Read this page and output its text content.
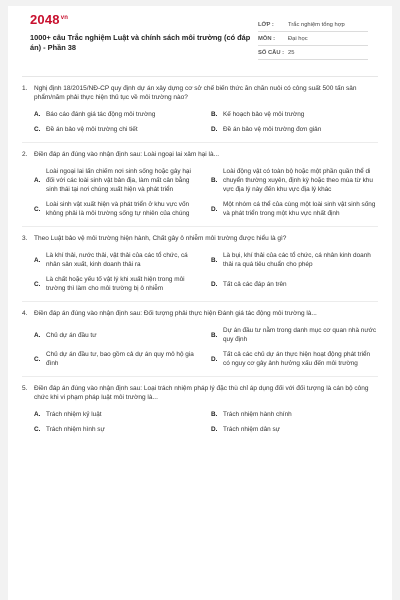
$2048^{vn}$
1000+ câu Trắc nghiệm Luật và chính sách môi trường (có đáp án) - Phần 38
LỚP :	Trắc nghiệm tổng hợp
MÔN :	Đại học
SỐ CÂU : 25
1.	Nghị định 18/2015/NĐ-CP quy định dự án xây dựng cơ sở chế biến thức ăn chăn nuôi có công suất 500 tấn sản phẩm/năm phải thực hiện thủ tục về môi trường nào?
A. Báo cáo đánh giá tác động môi trường	B. Kế hoạch bảo vệ môi trường
C. Đề án bảo vệ môi trường chi tiết	D. Đề án bảo vệ môi trường đơn giản
2.	Điền đáp án đúng vào nhận định sau: Loài ngoại lai xâm hại là...
A.
Loài ngoại lai lấn chiếm nơi sinh sống hoặc gây hại đối với các loài sinh vật bản địa, làm mất cân bằng sinh thái tại nơi chúng xuất hiện và phát triển
B.
Loài động vật có toàn bộ hoặc một phần quần thể di chuyển thường xuyên, định kỳ hoặc theo mùa từ khu vực địa lý này đến khu vực địa lý khác
C.
Loài sinh vật xuất hiện và phát triển ở khu vực vốn không phải là môi trường sống tự nhiên của chúng
D.
Một nhóm cá thể của cùng một loài sinh vật sinh sống và phát triển trong một khu vực nhất định
3.	Theo Luật bảo vệ môi trường hiện hành, Chất gây ô nhiễm môi trường được hiểu là gì?
A.
Là khí thải, nước thải, vật thải của các tổ chức, cá nhân sản xuất, kinh doanh thải ra
B.
Là bụi, khí thải của các tổ chức, cá nhân kinh doanh thải ra quá tiêu chuẩn cho phép
C.
Là chất hoặc yếu tố vật lý khi xuất hiện trong môi trường thì làm cho môi trường bị ô nhiễm
D. Tất cả các đáp án trên
4.	Điền đáp án đúng vào nhận định sau: Đối tượng phải thực hiện Đánh giá tác động môi trường là...
A. Chủ dự án đầu tư	B.
Dự án đầu tư nằm trong danh mục cơ quan nhà nước quy định
C.
Chủ dự án đầu tư, bao gồm cả dự án quy mô hộ gia đình
D.
Tất cả các chủ dự án thực hiện hoạt động phát triển có nguy cơ gây ảnh hưởng xấu đến môi trường
5.	Điền đáp án đúng vào nhận định sau: Loại trách nhiệm pháp lý đặc thù chỉ áp dụng đối với đối tượng là cán bộ công chức khi vi phạm pháp luật môi trường là...
A. Trách nhiệm kỷ luật	B. Trách nhiệm hành chính
C. Trách nhiệm hình sự	D. Trách nhiệm dân sự
